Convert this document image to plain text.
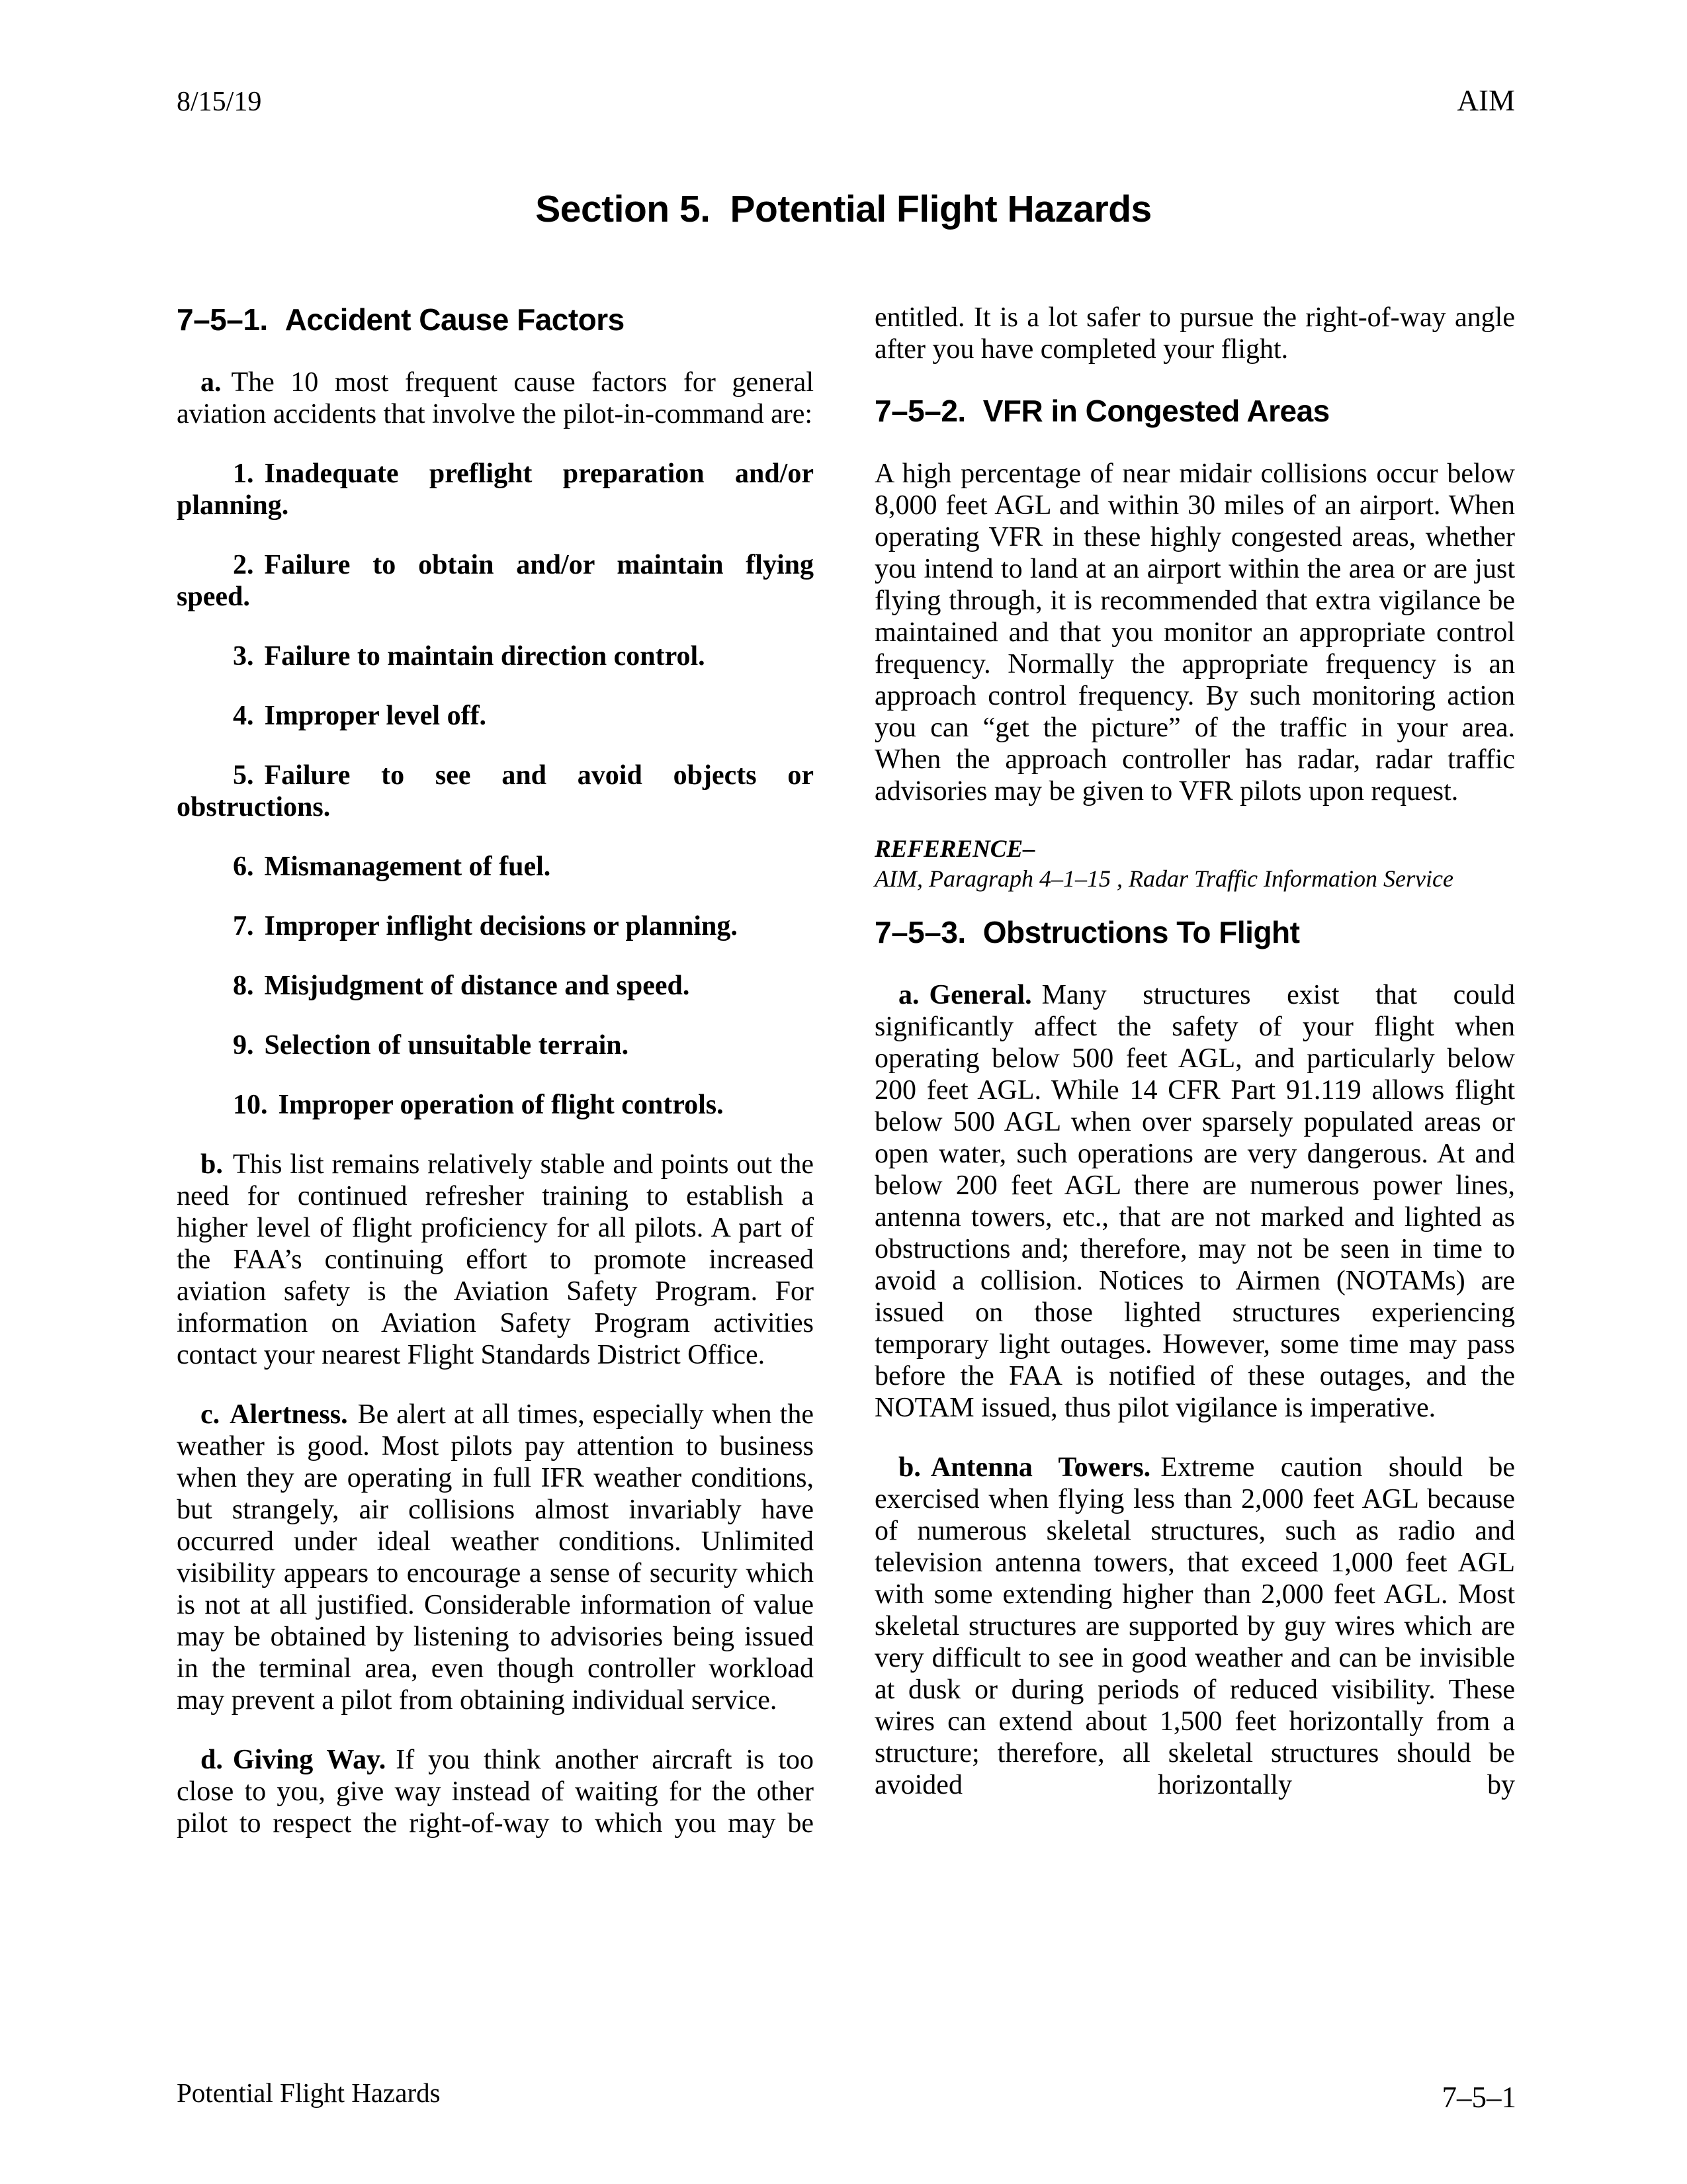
8/15/19	AIM
Section 5. Potential Flight Hazards
7–5–1. Accident Cause Factors
a. The 10 most frequent cause factors for general aviation accidents that involve the pilot-in-command are:
1. Inadequate preflight preparation and/or planning.
2. Failure to obtain and/or maintain flying speed.
3. Failure to maintain direction control.
4. Improper level off.
5. Failure to see and avoid objects or obstructions.
6. Mismanagement of fuel.
7. Improper inflight decisions or planning.
8. Misjudgment of distance and speed.
9. Selection of unsuitable terrain.
10. Improper operation of flight controls.
b. This list remains relatively stable and points out the need for continued refresher training to establish a higher level of flight proficiency for all pilots. A part of the FAA’s continuing effort to promote increased aviation safety is the Aviation Safety Program. For information on Aviation Safety Program activities contact your nearest Flight Standards District Office.
c. Alertness. Be alert at all times, especially when the weather is good. Most pilots pay attention to business when they are operating in full IFR weather conditions, but strangely, air collisions almost invariably have occurred under ideal weather conditions. Unlimited visibility appears to encourage a sense of security which is not at all justified. Considerable information of value may be obtained by listening to advisories being issued in the terminal area, even though controller workload may prevent a pilot from obtaining individual service.
d. Giving Way. If you think another aircraft is too close to you, give way instead of waiting for the other pilot to respect the right-of-way to which you may be
entitled. It is a lot safer to pursue the right-of-way angle after you have completed your flight.
7–5–2. VFR in Congested Areas
A high percentage of near midair collisions occur below 8,000 feet AGL and within 30 miles of an airport. When operating VFR in these highly congested areas, whether you intend to land at an airport within the area or are just flying through, it is recommended that extra vigilance be maintained and that you monitor an appropriate control frequency. Normally the appropriate frequency is an approach control frequency. By such monitoring action you can “get the picture” of the traffic in your area. When the approach controller has radar, radar traffic advisories may be given to VFR pilots upon request.
REFERENCE–
AIM, Paragraph 4–1–15 , Radar Traffic Information Service
7–5–3. Obstructions To Flight
a. General. Many structures exist that could significantly affect the safety of your flight when operating below 500 feet AGL, and particularly below 200 feet AGL. While 14 CFR Part 91.119 allows flight below 500 AGL when over sparsely populated areas or open water, such operations are very dangerous. At and below 200 feet AGL there are numerous power lines, antenna towers, etc., that are not marked and lighted as obstructions and; therefore, may not be seen in time to avoid a collision. Notices to Airmen (NOTAMs) are issued on those lighted structures experiencing temporary light outages. However, some time may pass before the FAA is notified of these outages, and the NOTAM issued, thus pilot vigilance is imperative.
b. Antenna Towers. Extreme caution should be exercised when flying less than 2,000 feet AGL because of numerous skeletal structures, such as radio and television antenna towers, that exceed 1,000 feet AGL with some extending higher than 2,000 feet AGL. Most skeletal structures are supported by guy wires which are very difficult to see in good weather and can be invisible at dusk or during periods of reduced visibility. These wires can extend about 1,500 feet horizontally from a structure; therefore, all skeletal structures should be avoided horizontally by
Potential Flight Hazards	7–5–1
